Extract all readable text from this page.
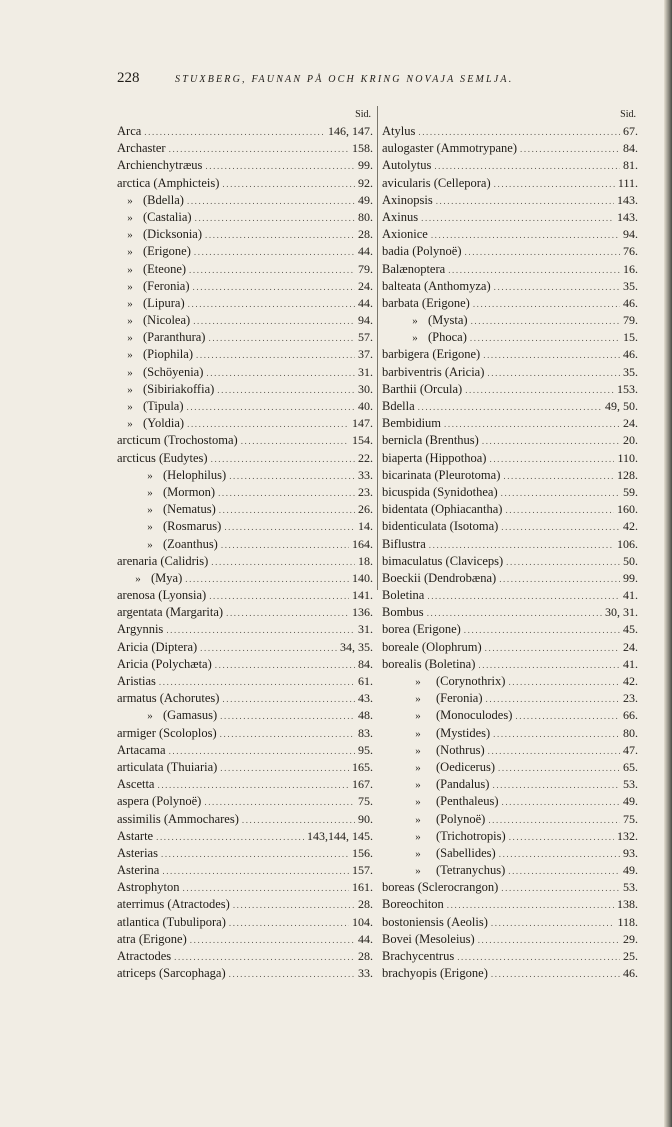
228	STUXBERG, FAUNAN PÅ OCH KRING NOVAJA SEMLJA.
Sid.
Arca .....	146, 147.
Archaster .....	158.
Archienchytræus .....	99.
arctica (Amphicteis) .....	92.
» (Bdella) .....	49.
» (Castalia) .....	80.
» (Dicksonia) .....	28.
» (Erigone) .....	44.
» (Eteone) .....	79.
» (Feronia) .....	24.
» (Lipura) .....	44.
» (Nicolea) .....	94.
» (Paranthura) .....	57.
» (Piophila) .....	37.
» (Schöyenia) .....	31.
» (Sibiriakoffia) .....	30.
» (Tipula) .....	40.
» (Yoldia) .....	147.
arcticum (Trochostoma) .....	154.
arcticus (Eudytes) .....	22.
» (Helophilus) .....	33.
» (Mormon) .....	23.
» (Nematus) .....	26.
» (Rosmarus) .....	14.
» (Zoanthus) .....	164.
arenaria (Calidris) .....	18.
» (Mya) .....	140.
arenosa (Lyonsia) .....	141.
argentata (Margarita) .....	136.
Argynnis .....	31.
Aricia (Diptera) .....	34, 35.
Aricia (Polychæta) .....	84.
Aristias .....	61.
armatus (Achorutes) .....	43.
» (Gamasus) .....	48.
armiger (Scoloplos) .....	83.
Artacama .....	95.
articulata (Thuiaria) .....	165.
Ascetta .....	167.
aspera (Polynoë) .....	75.
assimilis (Ammochares) .....	90.
Astarte .....	143,144, 145.
Asterias .....	156.
Asterina .....	157.
Astrophyton .....	161.
aterrimus (Atractodes) .....	28.
atlantica (Tubulipora) .....	104.
atra (Erigone) .....	44.
Atractodes .....	28.
atriceps (Sarcophaga) .....	33.
Sid.
Atylus .....	67.
aulogaster (Ammotrypane) .....	84.
Autolytus .....	81.
avicularis (Cellepora) .....	111.
Axinopsis .....	143.
Axinus .....	143.
Axionice .....	94.
badia (Polynoë) .....	76.
Balænoptera .....	16.
balteata (Anthomyza) .....	35.
barbata (Erigone) .....	46.
» (Mysta) .....	79.
» (Phoca) .....	15.
barbigera (Erigone) .....	46.
barbiventris (Aricia) .....	35.
Barthii (Orcula) .....	153.
Bdella .....	49, 50.
Bembidium .....	24.
bernicla (Brenthus) .....	20.
biaperta (Hippothoa) .....	110.
bicarinata (Pleurotoma) .....	128.
bicuspida (Synidothea) .....	59.
bidentata (Ophiacantha) .....	160.
bidenticulata (Isotoma) .....	42.
Biflustra .....	106.
bimaculatus (Claviceps) .....	50.
Boeckii (Dendrobæna) .....	99.
Boletina .....	41.
Bombus .....	30, 31.
borea (Erigone) .....	45.
boreale (Olophrum) .....	24.
borealis (Boletina) .....	41.
»	(Corynothrix) .....	42.
»	(Feronia) .....	23.
»	(Monoculodes) .....	66.
»	(Mystides) .....	80.
»	(Nothrus) .....	47.
»	(Oedicerus) .....	65.
»	(Pandalus) .....	53.
»	(Penthaleus) .....	49.
»	(Polynoë) .....	75.
»	(Trichotropis) .....	132.
»	(Sabellides) .....	93.
»	(Tetranychus) .....	49.
boreas (Sclerocrangon) .....	53.
Boreochiton .....	138.
bostoniensis (Aeolis) .....	118.
Bovei (Mesoleius) .....	29.
Brachycentrus .....	25.
brachyopis (Erigone) .....	46.
